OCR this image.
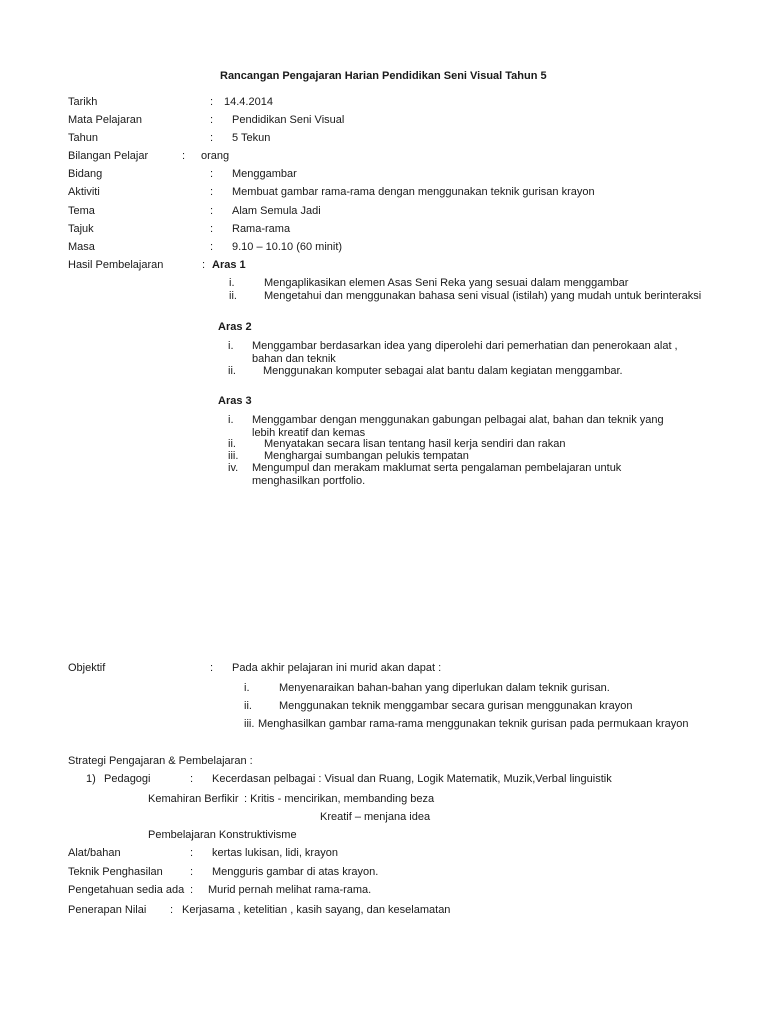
Rancangan Pengajaran Harian Pendidikan Seni Visual Tahun 5
Tarikh	: 14.4.2014
Mata Pelajaran	: Pendidikan Seni Visual
Tahun	: 5 Tekun
Bilangan Pelajar	: orang
Bidang	: Menggambar
Aktiviti	: Membuat gambar rama-rama dengan menggunakan teknik gurisan krayon
Tema	: Alam Semula Jadi
Tajuk	: Rama-rama
Masa	: 9.10 – 10.10 (60 minit)
Hasil Pembelajaran	: Aras 1
i.	Mengaplikasikan elemen Asas Seni Reka yang sesuai dalam menggambar
ii. Mengetahui dan menggunakan bahasa seni visual (istilah) yang mudah untuk berinteraksi
Aras 2
i. Menggambar berdasarkan idea yang diperolehi dari pemerhatian dan penerokaan alat , bahan dan teknik
ii. Menggunakan komputer sebagai alat bantu dalam kegiatan menggambar.
Aras 3
i. Menggambar dengan menggunakan gabungan pelbagai alat, bahan dan teknik yang lebih kreatif dan kemas
ii.	Menyatakan secara lisan tentang hasil kerja sendiri dan rakan
iii. Menghargai sumbangan pelukis tempatan
iv. Mengumpul dan merakam maklumat serta pengalaman pembelajaran untuk menghasilkan portfolio.
Objektif	: Pada akhir pelajaran ini murid akan dapat :
i.	Menyenaraikan bahan-bahan yang diperlukan dalam teknik gurisan.
ii. Menggunakan teknik menggambar secara gurisan menggunakan krayon
iii. Menghasilkan gambar rama-rama menggunakan teknik gurisan pada permukaan krayon
Strategi Pengajaran & Pembelajaran :
1) Pedagogi	: Kecerdasan pelbagai : Visual dan Ruang, Logik Matematik, Muzik,Verbal linguistik
Kemahiran Berfikir : Kritis - mencirikan, membanding beza
Kreatif – menjana idea
Pembelajaran Konstruktivisme
Alat/bahan	: kertas lukisan, lidi, krayon
Teknik Penghasilan : Mengguris gambar di atas krayon.
Pengetahuan sedia ada : Murid pernah melihat rama-rama.
Penerapan Nilai : Kerjasama , ketelitian , kasih sayang, dan keselamatan
